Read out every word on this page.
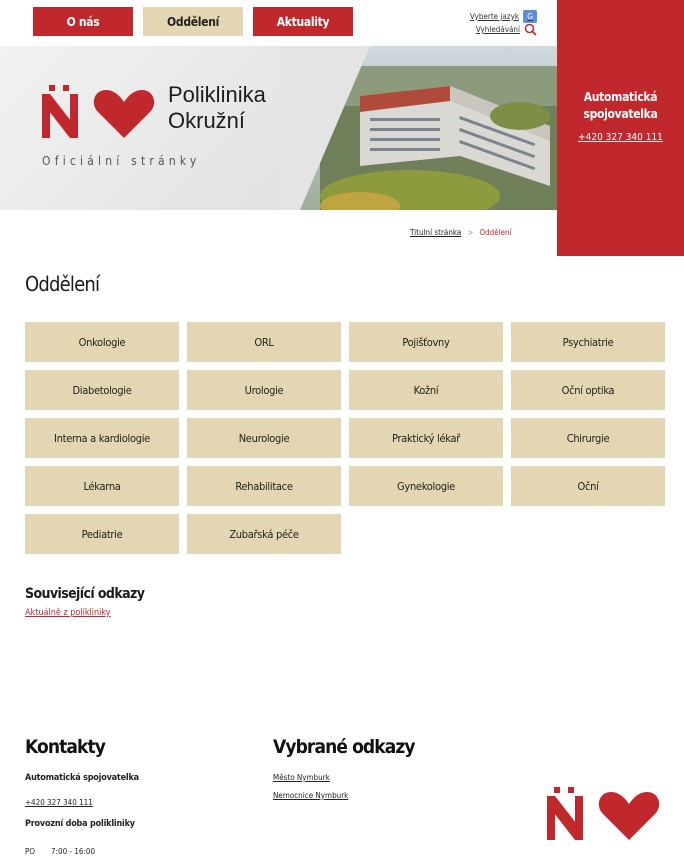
O nás	Oddělení	Aktuality	Vyberte jazyk	G
Vyhledávání
Poliklinika
Okružní
Oficiální stránky
Automatická spojovatelka
+420 327 340 111
Titulní stránka > Oddělení
Oddělení
Onkologie	ORL	Pojišťovny	Psychiatrie
Diabetologie	Urologie	Kožní	Oční optika
Interna a kardiologie	Neurologie	Praktický lékař	Chirurgie
Lékarna	Rehabilitace	Gynekologie	Oční
Pediatrie	Zubařská péče
Související odkazy
Aktuálně z polikliniky
Kontakty
Automatická spojovatelka
+420 327 340 111
Provozní doba polikliniky
PO 7:00 - 16:00
Vybrané odkazy
Město Nymburk
Nemocnice Nymburk
